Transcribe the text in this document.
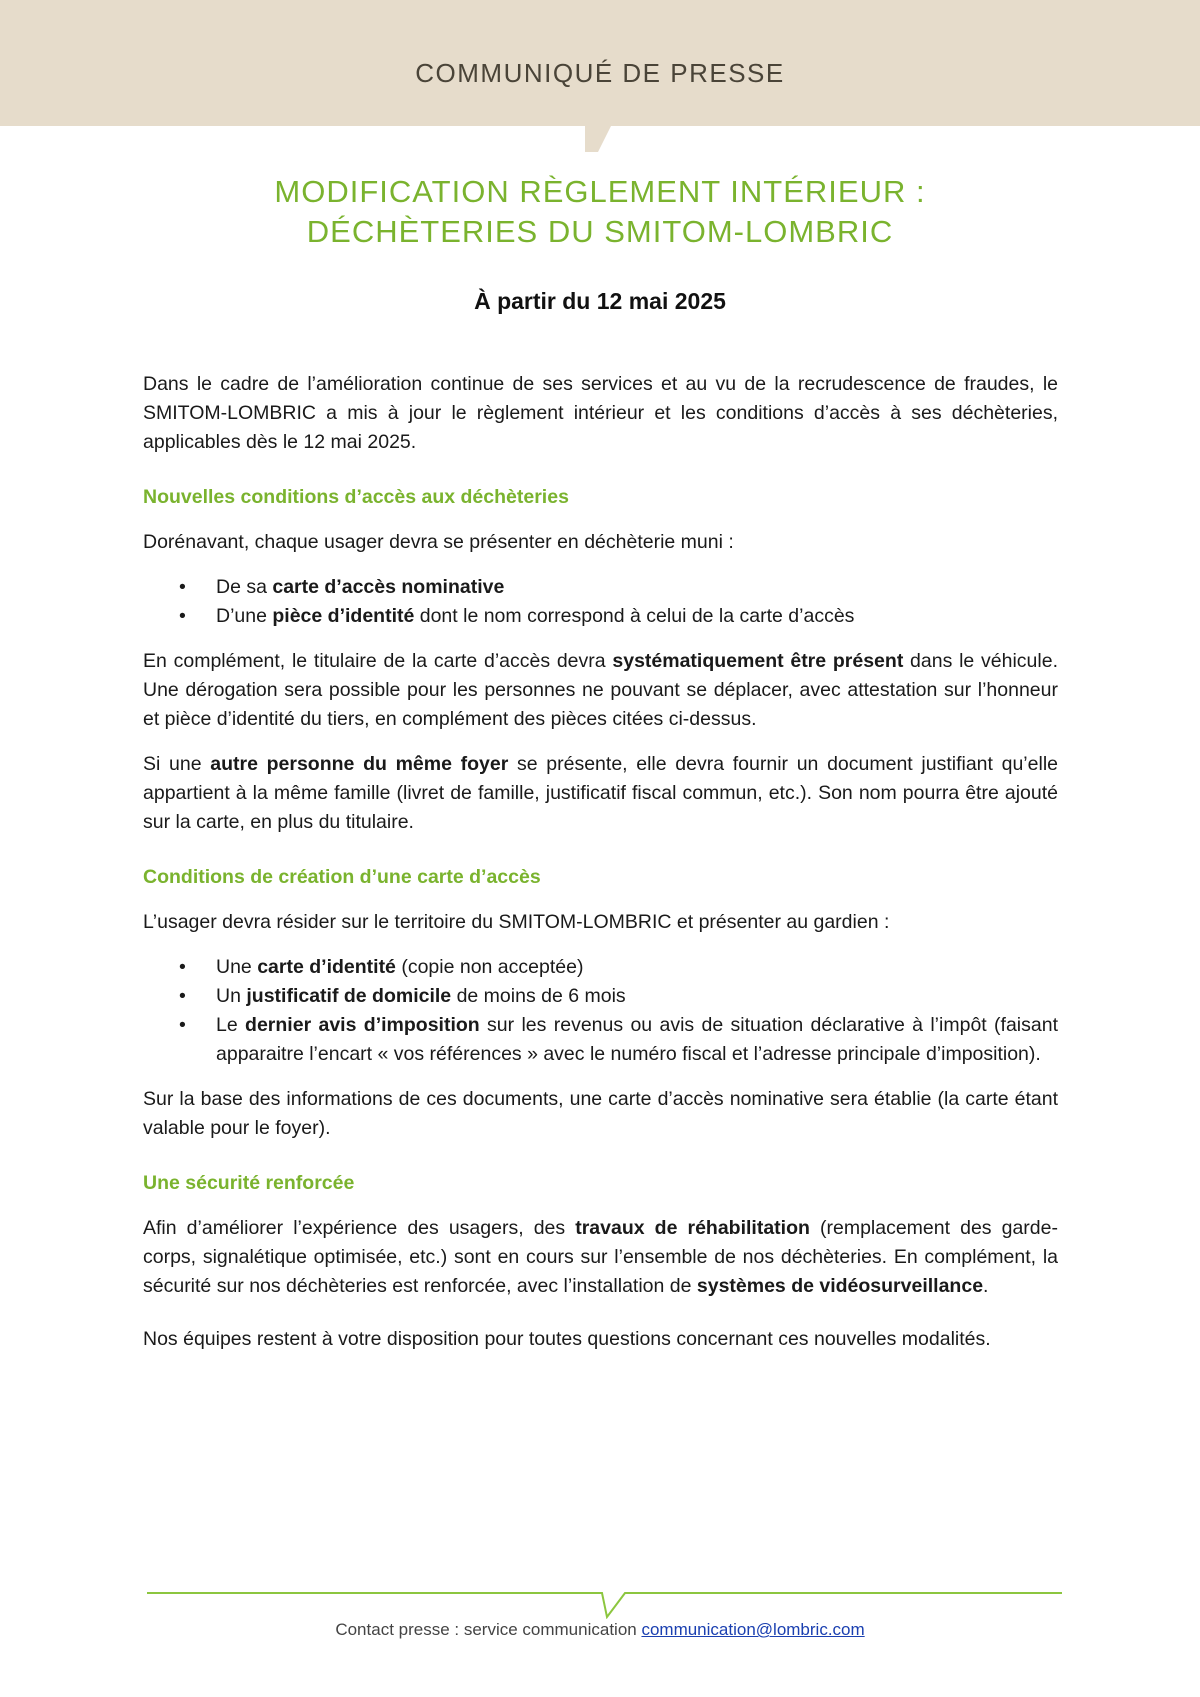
COMMUNIQUÉ DE PRESSE
MODIFICATION RÈGLEMENT INTÉRIEUR :
DÉCHÈTERIES DU SMITOM-LOMBRIC
À partir du 12 mai 2025

Dans le cadre de l’amélioration continue de ses services et au vu de la recrudescence de fraudes, le SMITOM-LOMBRIC a mis à jour le règlement intérieur et les conditions d’accès à ses déchèteries, applicables dès le 12 mai 2025.

Nouvelles conditions d’accès aux déchèteries

Dorénavant, chaque usager devra se présenter en déchèterie muni :

• De sa carte d’accès nominative
• D’une pièce d’identité dont le nom correspond à celui de la carte d’accès

En complément, le titulaire de la carte d’accès devra systématiquement être présent dans le véhicule. Une dérogation sera possible pour les personnes ne pouvant se déplacer, avec attestation sur l’honneur et pièce d’identité du tiers, en complément des pièces citées ci-dessus.

Si une autre personne du même foyer se présente, elle devra fournir un document justifiant qu’elle appartient à la même famille (livret de famille, justificatif fiscal commun, etc.). Son nom pourra être ajouté sur la carte, en plus du titulaire.

Conditions de création d’une carte d’accès

L’usager devra résider sur le territoire du SMITOM-LOMBRIC et présenter au gardien :

• Une carte d’identité (copie non acceptée)
• Un justificatif de domicile de moins de 6 mois
• Le dernier avis d’imposition sur les revenus ou avis de situation déclarative à l’impôt (faisant apparaitre l’encart « vos références » avec le numéro fiscal et l’adresse principale d’imposition).

Sur la base des informations de ces documents, une carte d’accès nominative sera établie (la carte étant valable pour le foyer).

Une sécurité renforcée

Afin d’améliorer l’expérience des usagers, des travaux de réhabilitation (remplacement des garde-corps, signalétique optimisée, etc.) sont en cours sur l’ensemble de nos déchèteries. En complément, la sécurité sur nos déchèteries est renforcée, avec l’installation de systèmes de vidéosurveillance.

Nos équipes restent à votre disposition pour toutes questions concernant ces nouvelles modalités.

Contact presse : service communication communication@lombric.com
